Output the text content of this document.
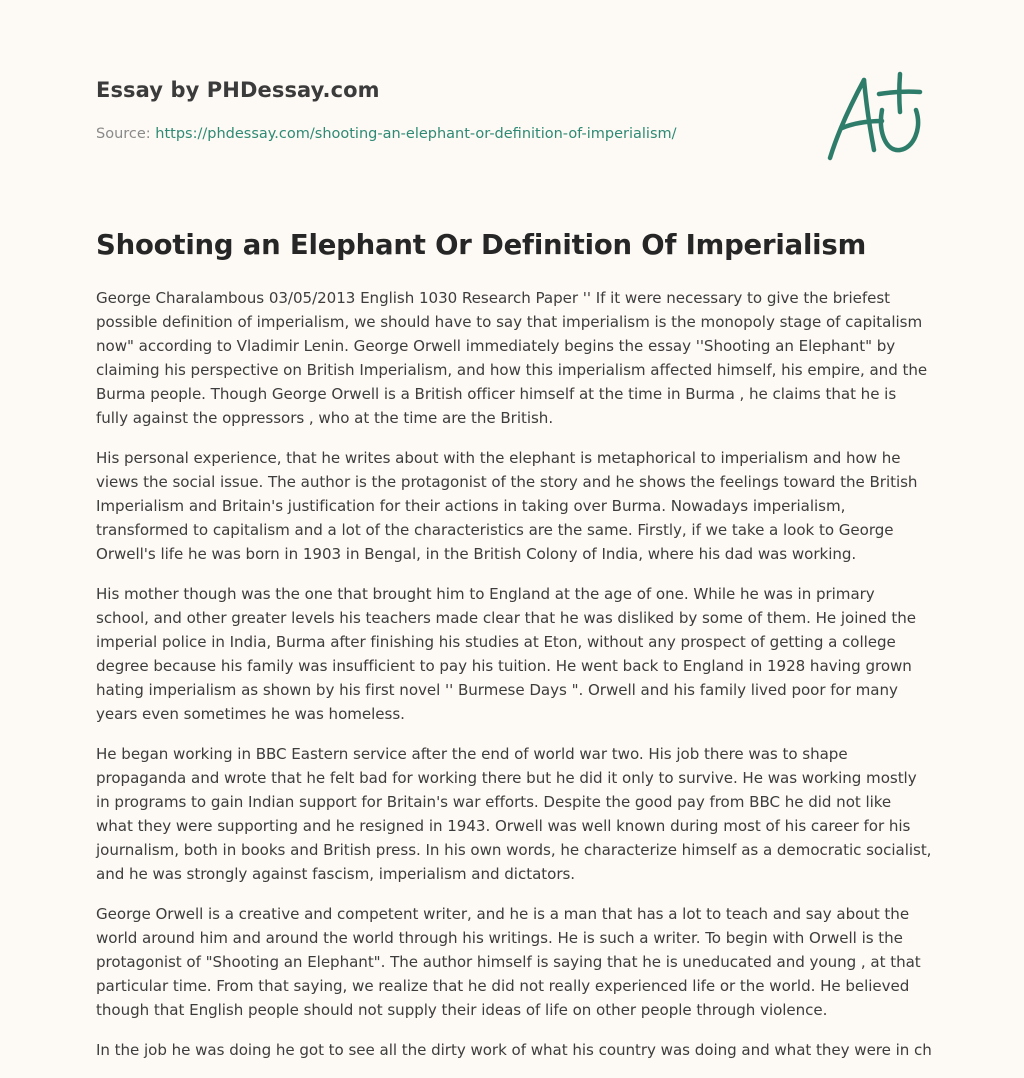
Essay by PHDessay.com
Source: https://phdessay.com/shooting-an-elephant-or-definition-of-imperialism/
Shooting an Elephant Or Definition Of Imperialism

George Charalambous 03/05/2013 English 1030 Research Paper '' If it were necessary to give the briefest possible definition of imperialism, we should have to say that imperialism is the monopoly stage of capitalism now" according to Vladimir Lenin. George Orwell immediately begins the essay ''Shooting an Elephant" by claiming his perspective on British Imperialism, and how this imperialism affected himself, his empire, and the Burma people. Though George Orwell is a British officer himself at the time in Burma , he claims that he is fully against the oppressors , who at the time are the British.

His personal experience, that he writes about with the elephant is metaphorical to imperialism and how he views the social issue. The author is the protagonist of the story and he shows the feelings toward the British Imperialism and Britain's justification for their actions in taking over Burma. Nowadays imperialism, transformed to capitalism and a lot of the characteristics are the same. Firstly, if we take a look to George Orwell's life he was born in 1903 in Bengal, in the British Colony of India, where his dad was working.

His mother though was the one that brought him to England at the age of one. While he was in primary school, and other greater levels his teachers made clear that he was disliked by some of them. He joined the imperial police in India, Burma after finishing his studies at Eton, without any prospect of getting a college degree because his family was insufficient to pay his tuition. He went back to England in 1928 having grown hating imperialism as shown by his first novel '' Burmese Days ". Orwell and his family lived poor for many years even sometimes he was homeless.

He began working in BBC Eastern service after the end of world war two. His job there was to shape propaganda and wrote that he felt bad for working there but he did it only to survive. He was working mostly in programs to gain Indian support for Britain's war efforts. Despite the good pay from BBC he did not like what they were supporting and he resigned in 1943. Orwell was well known during most of his career for his journalism, both in books and British press. In his own words, he characterize himself as a democratic socialist, and he was strongly against fascism, imperialism and dictators.

George Orwell is a creative and competent writer, and he is a man that has a lot to teach and say about the world around him and around the world through his writings. He is such a writer. To begin with Orwell is the protagonist of "Shooting an Elephant". The author himself is saying that he is uneducated and young , at that particular time. From that saying, we realize that he did not really experienced life or the world. He believed though that English people should not supply their ideas of life on other people through violence.

In the job he was doing he got to see all the dirty work of what his country was doing and what they were in ch
